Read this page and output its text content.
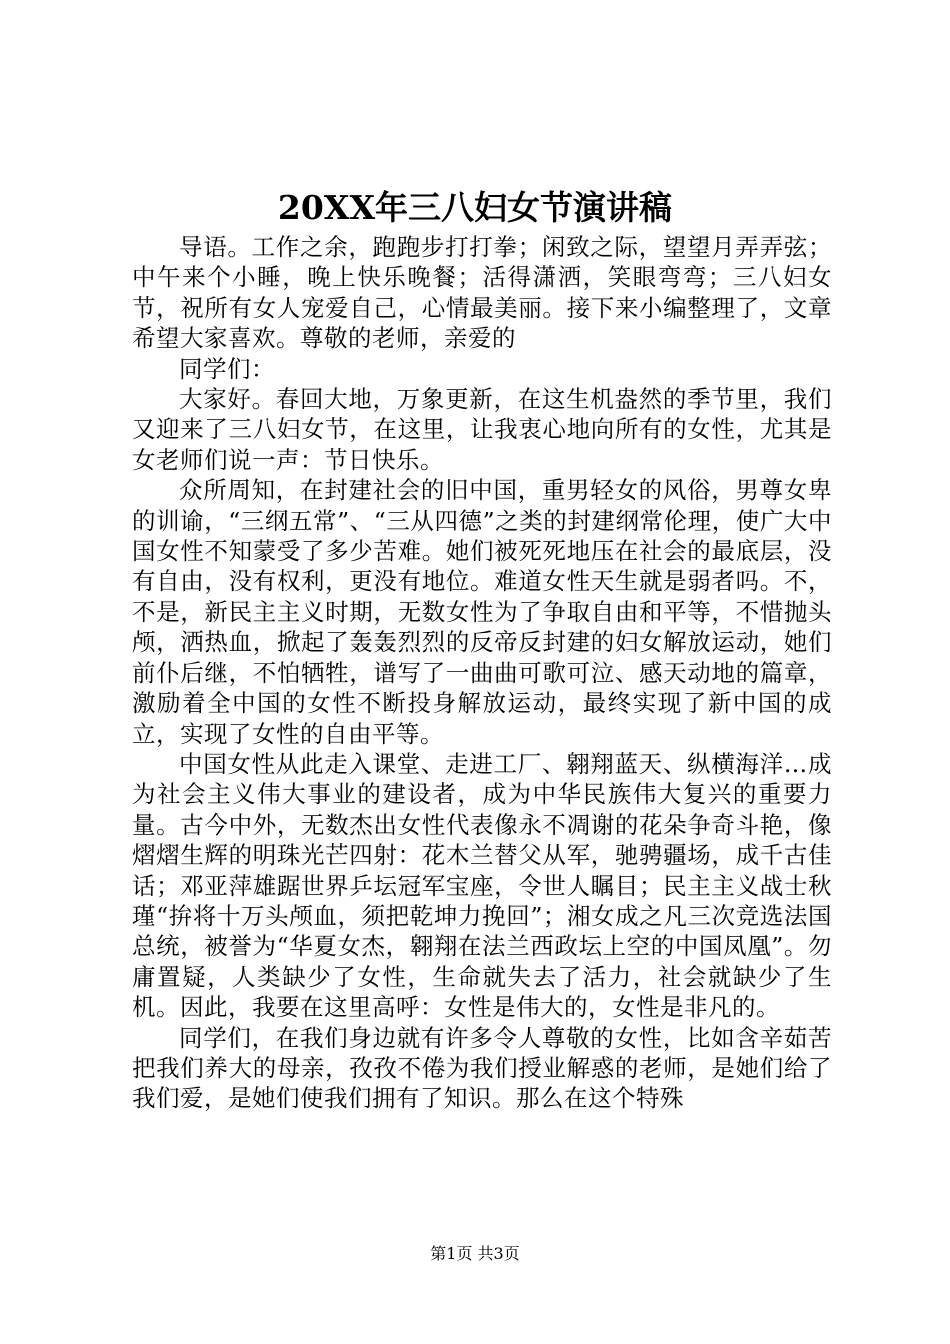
20XX年三八妇女节演讲稿

导语。工作之余，跑跑步打打拳；闲致之际，望望月弄弄弦；中午来个小睡，晚上快乐晚餐；活得潇洒，笑眼弯弯；三八妇女节，祝所有女人宠爱自己，心情最美丽。接下来小编整理了，文章希望大家喜欢。尊敬的老师，亲爱的

同学们：

大家好。春回大地，万象更新，在这生机盎然的季节里，我们又迎来了三八妇女节，在这里，让我衷心地向所有的女性，尤其是女老师们说一声：节日快乐。

众所周知，在封建社会的旧中国，重男轻女的风俗，男尊女卑的训谕，“三纲五常”、“三从四德”之类的封建纲常伦理，使广大中国女性不知蒙受了多少苦难。她们被死死地压在社会的最底层，没有自由，没有权利，更没有地位。难道女性天生就是弱者吗。不，不是，新民主主义时期，无数女性为了争取自由和平等，不惜抛头颅，洒热血，掀起了轰轰烈烈的反帝反封建的妇女解放运动，她们前仆后继，不怕牺牲，谱写了一曲曲可歌可泣、感天动地的篇章，激励着全中国的女性不断投身解放运动，最终实现了新中国的成立，实现了女性的自由平等。

中国女性从此走入课堂、走进工厂、翱翔蓝天、纵横海洋…成为社会主义伟大事业的建设者，成为中华民族伟大复兴的重要力量。古今中外，无数杰出女性代表像永不凋谢的花朵争奇斗艳，像熠熠生辉的明珠光芒四射：花木兰替父从军，驰骋疆场，成千古佳话；邓亚萍雄踞世界乒坛冠军宝座，令世人瞩目；民主主义战士秋瑾“拚将十万头颅血，须把乾坤力挽回”；湘女成之凡三次竞选法国总统，被誉为“华夏女杰，翱翔在法兰西政坛上空的中国凤凰”。勿庸置疑，人类缺少了女性，生命就失去了活力，社会就缺少了生机。因此，我要在这里高呼：女性是伟大的，女性是非凡的。

同学们，在我们身边就有许多令人尊敬的女性，比如含辛茹苦把我们养大的母亲，孜孜不倦为我们授业解惑的老师，是她们给了我们爱，是她们使我们拥有了知识。那么在这个特殊

第1页 共3页
